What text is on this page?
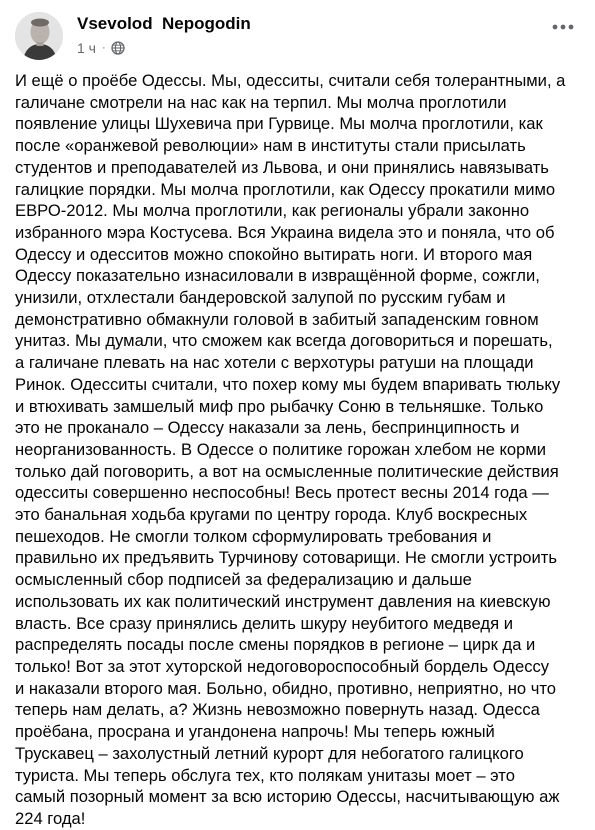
Vsevolod  Nepogodin
1 ч ·
И ещё о проёбе Одессы. Мы, одесситы, считали себя толерантными, а
галичане смотрели на нас как на терпил. Мы молча проглотили
появление улицы Шухевича при Гурвице. Мы молча проглотили, как
после «оранжевой революции» нам в институты стали присылать
студентов и преподавателей из Львова, и они принялись навязывать
галицкие порядки. Мы молча проглотили, как Одессу прокатили мимо
ЕВРО-2012. Мы молча проглотили, как регионалы убрали законно
избранного мэра Костусева. Вся Украина видела это и поняла, что об
Одессу и одесситов можно спокойно вытирать ноги. И второго мая
Одессу показательно изнасиловали в извращённой форме, сожгли,
унизили, отхлестали бандеровской залупой по русским губам и
демонстративно обмакнули головой в забитый западенским говном
унитаз. Мы думали, что сможем как всегда договориться и порешать,
а галичане плевать на нас хотели с верхотуры ратуши на площади
Ринок. Одесситы считали, что похер кому мы будем впаривать тюльку
и втюхивать замшелый миф про рыбачку Соню в тельняшке. Только
это не проканало – Одессу наказали за лень, беспринципность и
неорганизованность. В Одессе о политике горожан хлебом не корми
только дай поговорить, а вот на осмысленные политические действия
одесситы совершенно неспособны! Весь протест весны 2014 года —
это банальная ходьба кругами по центру города. Клуб воскресных
пешеходов. Не смогли толком сформулировать требования и
правильно их предъявить Турчинову сотоварищи. Не смогли устроить
осмысленный сбор подписей за федерализацию и дальше
использовать их как политический инструмент давления на киевскую
власть. Все сразу принялись делить шкуру неубитого медведя и
распределять посады после смены порядков в регионе – цирк да и
только! Вот за этот хуторской недоговороспособный бордель Одессу
и наказали второго мая. Больно, обидно, противно, неприятно, но что
теперь нам делать, а? Жизнь невозможно повернуть назад. Одесса
проёбана, просрана и угандонена напрочь! Мы теперь южный
Трускавец – захолустный летний курорт для небогатого галицкого
туриста. Мы теперь обслуга тех, кто полякам унитазы моет – это
самый позорный момент за всю историю Одессы, насчитывающую аж
224 года!
